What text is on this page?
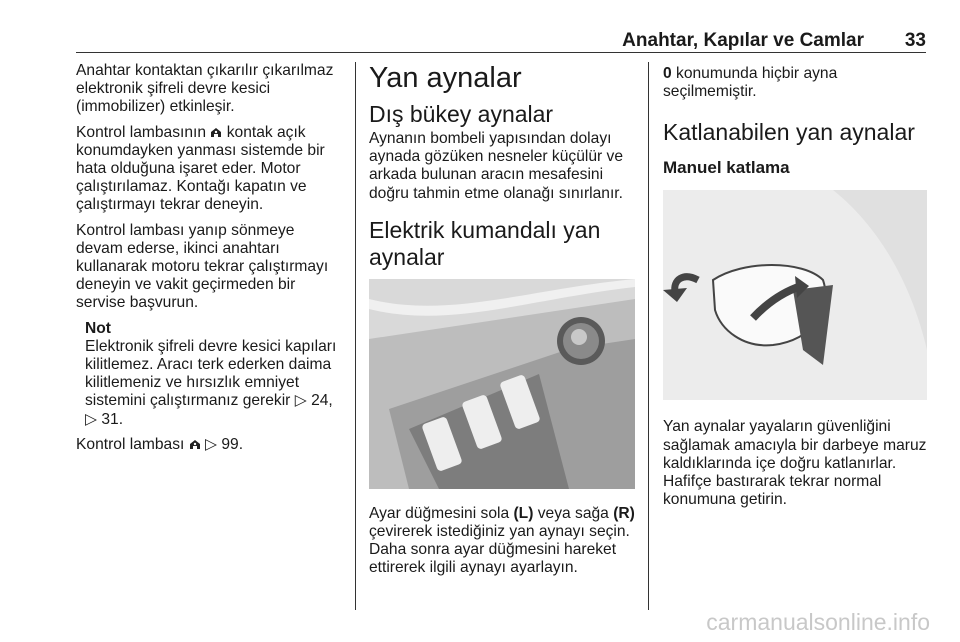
Anahtar, Kapılar ve Camlar 33

Anahtar kontaktan çıkarılır çıkarılmaz elektronik şifreli devre kesici (immobilizer) etkinleşir.

Kontrol lambasının kontak açık konumdayken yanması sistemde bir hata olduğuna işaret eder. Motor çalıştırılamaz. Kontağı kapatın ve çalıştırmayı tekrar deneyin.

Kontrol lambası yanıp sönmeye devam ederse, ikinci anahtarı kullanarak motoru tekrar çalıştırmayı deneyin ve vakit geçirmeden bir servise başvurun.

Not

Elektronik şifreli devre kesici kapıları kilitlemez. Aracı terk ederken daima kilitlemeniz ve hırsızlık emniyet sistemini çalıştırmanız gerekir ▷ 24,
▷ 31.

Kontrol lambası ▷ 99.

Yan aynalar
Dış bükey aynalar

Aynanın bombeli yapısından dolayı aynada gözüken nesneler küçülür ve arkada bulunan aracın mesafesini doğru tahmin etme olanağı sınırlanır.

Elektrik kumandalı yan aynalar

Ayar düğmesini sola (L) veya sağa (R) çevirerek istediğiniz yan aynayı seçin. Daha sonra ayar düğmesini hareket ettirerek ilgili aynayı ayarlayın.

0 konumunda hiçbir ayna seçilmemiştir.

Katlanabilen yan aynalar
Manuel katlama

Yan aynalar yayaların güvenliğini sağlamak amacıyla bir darbeye maruz kaldıklarında içe doğru katlanırlar. Hafifçe bastırarak tekrar normal konumuna getirin.

carmanualsonline.info
